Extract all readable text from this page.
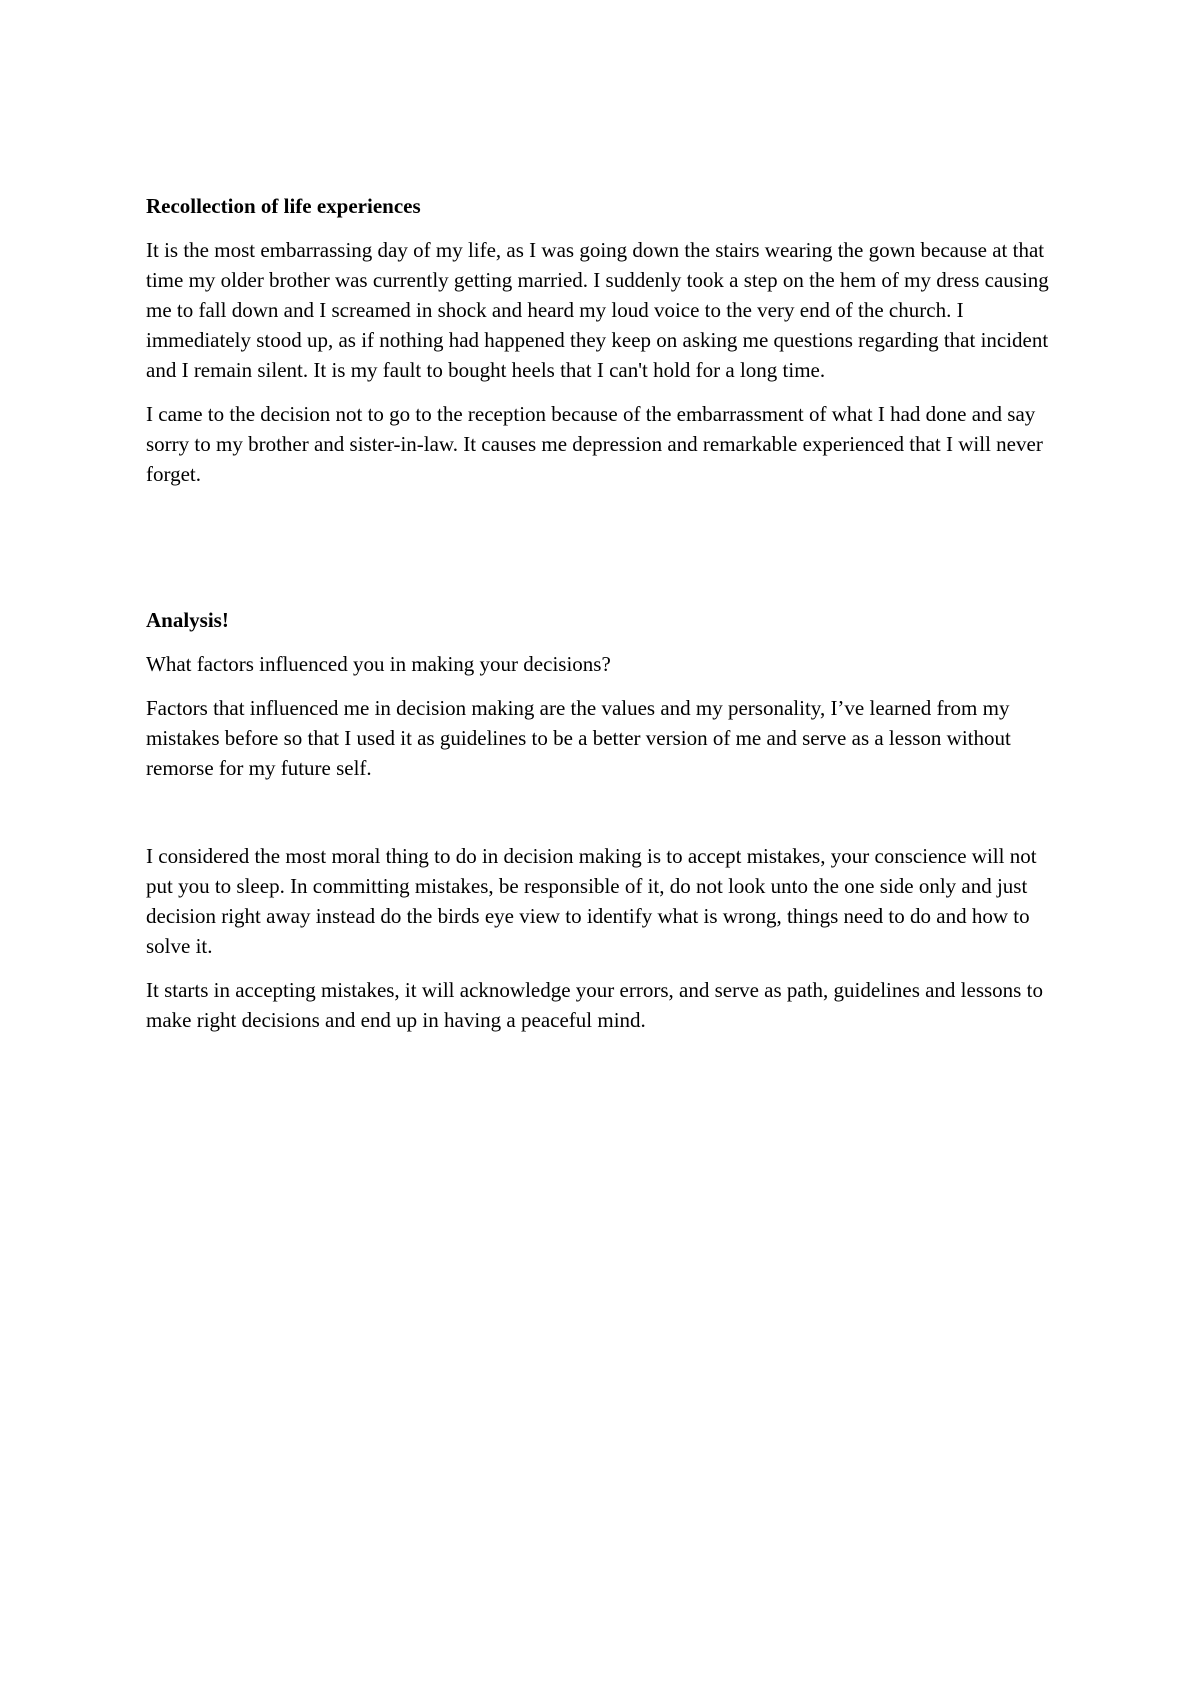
Recollection of life experiences

It is the most embarrassing day of my life, as I was going down the stairs wearing the gown because at that time my older brother was currently getting married. I suddenly took a step on the hem of my dress causing me to fall down and I screamed in shock and heard my loud voice to the very end of the church. I immediately stood up, as if nothing had happened they keep on asking me questions regarding that incident and I remain silent. It is my fault to bought heels that I can't hold for a long time.

I came to the decision not to go to the reception because of the embarrassment of what I had done and say sorry to my brother and sister-in-law. It causes me depression and remarkable experienced that I will never forget.

Analysis!

What factors influenced you in making your decisions?

Factors that influenced me in decision making are the values and my personality, I’ve learned from my mistakes before so that I used it as guidelines to be a better version of me and serve as a lesson without remorse for my future self.

I considered the most moral thing to do in decision making is to accept mistakes, your conscience will not put you to sleep. In committing mistakes, be responsible of it, do not look unto the one side only and just decision right away instead do the birds eye view to identify what is wrong, things need to do and how to solve it.

It starts in accepting mistakes, it will acknowledge your errors, and serve as path, guidelines and lessons to make right decisions and end up in having a peaceful mind.
